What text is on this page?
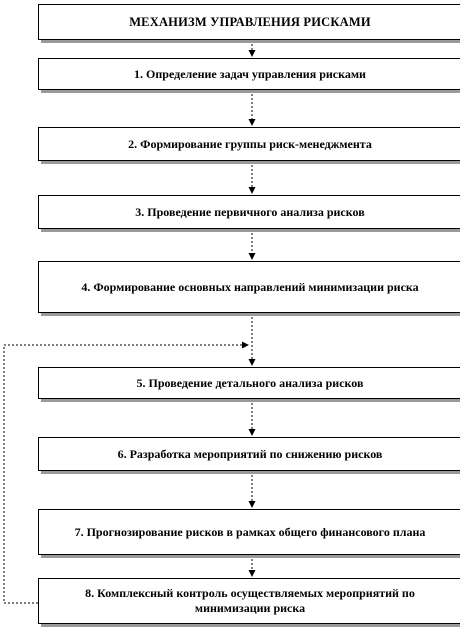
МЕХАНИЗМ УПРАВЛЕНИЯ РИСКАМИ
1. Определение задач управления рисками
2. Формирование группы риск-менеджмента
3. Проведение первичного анализа рисков
4. Формирование основных направлений минимизации риска
5. Проведение детального анализа рисков
6. Разработка мероприятий по снижению рисков
7. Прогнозирование рисков в рамках общего финансового плана
8. Комплексный контроль осуществляемых мероприятий по минимизации риска
